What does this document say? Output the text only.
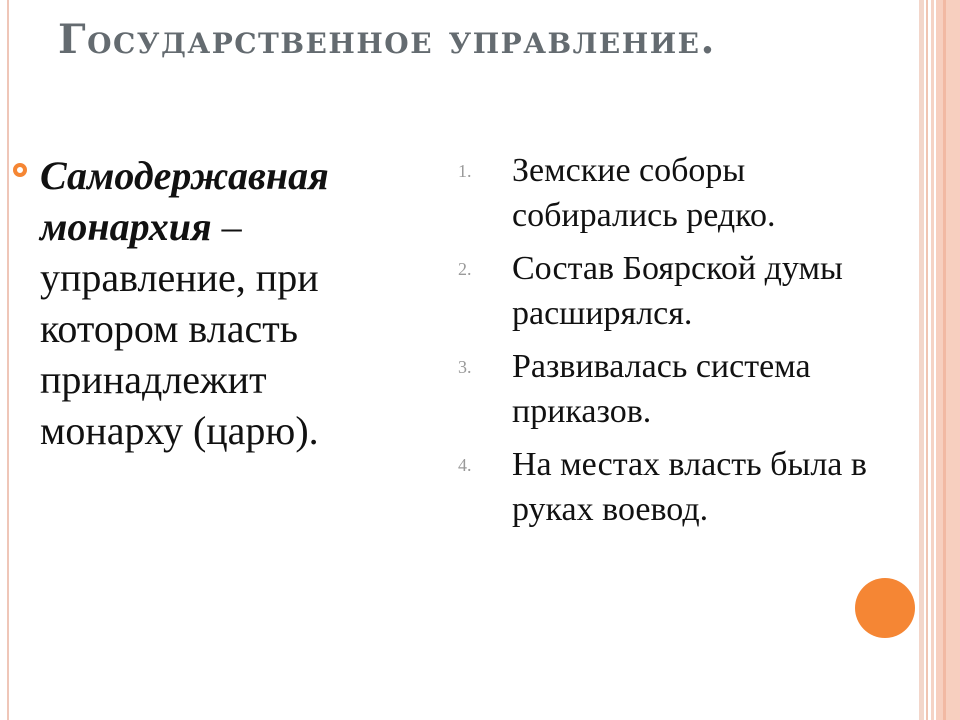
Государственное управление.
Самодержавная монархия – управление, при котором власть принадлежит монарху (царю).
1. Земские соборы собирались редко.
2. Состав Боярской думы расширялся.
3. Развивалась система приказов.
4. На местах власть была в руках воевод.
